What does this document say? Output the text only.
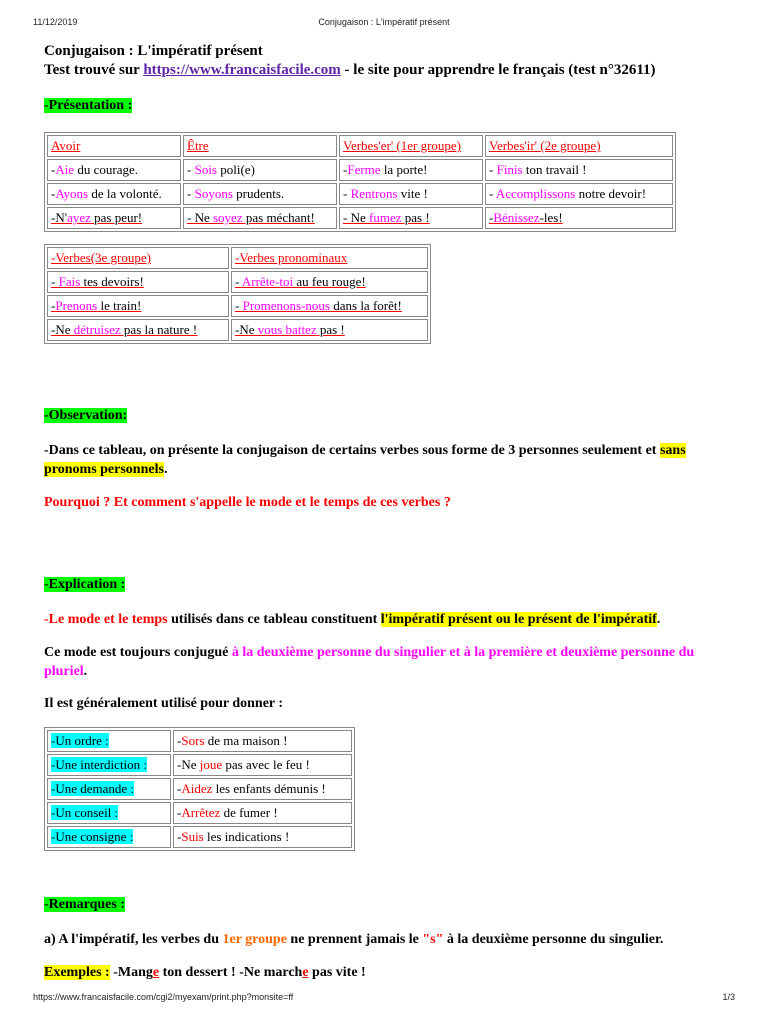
11/12/2019	Conjugaison : L'impératif présent

Conjugaison : L'impératif présent

Test trouvé sur https://www.francaisfacile.com - le site pour apprendre le français (test n°32611)

-Présentation :
Avoir	Être	Verbes'er' (1er groupe)	Verbes'ir' (2e groupe)
-Aie du courage.	- Sois poli(e)	-Ferme la porte!	- Finis ton travail !
-Ayons de la volonté.	- Soyons prudents.	- Rentrons vite !	- Accomplissons notre devoir!
-N'ayez pas peur!	- Ne soyez pas méchant!	- Ne fumez pas !	-Bénissez-les!
-Verbes(3e groupe)	-Verbes pronominaux
- Fais tes devoirs!	- Arrête-toi au feu rouge!
-Prenons le train!	- Promenons-nous dans la forêt!
-Ne détruisez pas la nature !	-Ne vous battez pas !
-Observation:
-Dans ce tableau, on présente la conjugaison de certains verbes sous forme de 3 personnes seulement et sans pronoms personnels.
Pourquoi ? Et comment s'appelle le mode et le temps de ces verbes ?
-Explication :
-Le mode et le temps utilisés dans ce tableau constituent l'impératif présent ou le présent de l'impératif.
Ce mode est toujours conjugué à la deuxième personne du singulier et à la première et deuxième personne du pluriel.
Il est généralement utilisé pour donner :
-Un ordre :	-Sors de ma maison !
-Une interdiction :	-Ne joue pas avec le feu !
-Une demande :	-Aidez les enfants démunis !
-Un conseil :	-Arrêtez de fumer !
-Une consigne :	-Suis les indications !
-Remarques :
a) A l'impératif, les verbes du 1er groupe ne prennent jamais le "s" à la deuxième personne du singulier.
Exemples : -Mange ton dessert ! -Ne marche pas vite !
https://www.francaisfacile.com/cgi2/myexam/print.php?monsite=ff	1/3
